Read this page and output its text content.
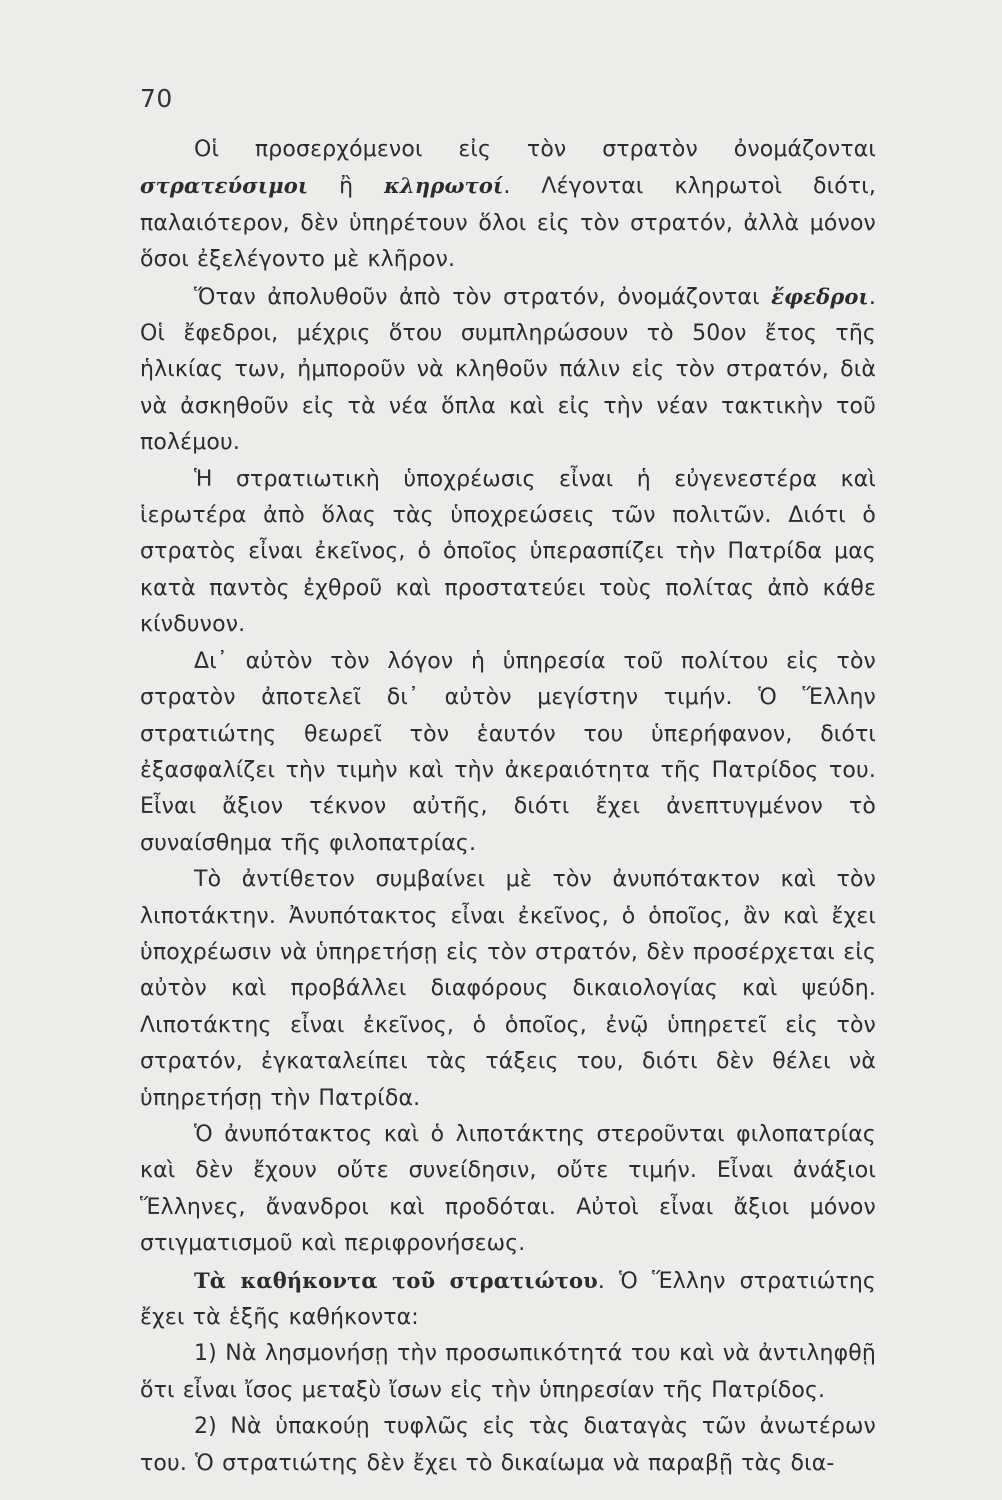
70

Οἱ προσερχόμενοι εἰς τὸν στρατὸν ὀνομάζονται στρατεύσιμοι ἢ κληρωτοί. Λέγονται κληρωτοὶ διότι, παλαιότερον, δὲν ὑπηρέτουν ὅλοι εἰς τὸν στρατόν, ἀλλὰ μόνον ὅσοι ἐξελέγοντο μὲ κλῆρον.

Ὅταν ἀπολυθοῦν ἀπὸ τὸν στρατόν, ὀνομάζονται ἔφεδροι. Οἱ ἔφεδροι, μέχρις ὅτου συμπληρώσουν τὸ 50ον ἔτος τῆς ἡλικίας των, ἠμποροῦν νὰ κληθοῦν πάλιν εἰς τὸν στρατόν, διὰ νὰ ἀσκηθοῦν εἰς τὰ νέα ὅπλα καὶ εἰς τὴν νέαν τακτικὴν τοῦ πολέμου.

Ἡ στρατιωτικὴ ὑποχρέωσις εἶναι ἡ εὐγενεστέρα καὶ ἱερωτέρα ἀπὸ ὅλας τὰς ὑποχρεώσεις τῶν πολιτῶν. Διότι ὁ στρατὸς εἶναι ἐκεῖνος, ὁ ὁποῖος ὑπερασπίζει τὴν Πατρίδα μας κατὰ παντὸς ἐχθροῦ καὶ προστατεύει τοὺς πολίτας ἀπὸ κάθε κίνδυνον.

Δι᾽ αὐτὸν τὸν λόγον ἡ ὑπηρεσία τοῦ πολίτου εἰς τὸν στρατὸν ἀποτελεῖ δι᾽ αὐτὸν μεγίστην τιμήν. Ὁ Ἕλλην στρατιώτης θεωρεῖ τὸν ἑαυτόν του ὑπερήφανον, διότι ἐξασφαλίζει τὴν τιμὴν καὶ τὴν ἀκεραιότητα τῆς Πατρίδος του. Εἶναι ἄξιον τέκνον αὐτῆς, διότι ἔχει ἀνεπτυγμένον τὸ συναίσθημα τῆς φιλοπατρίας.

Τὸ ἀντίθετον συμβαίνει μὲ τὸν ἀνυπότακτον καὶ τὸν λιποτάκτην. Ἀνυπότακτος εἶναι ἐκεῖνος, ὁ ὁποῖος, ἂν καὶ ἔχει ὑποχρέωσιν νὰ ὑπηρετήσῃ εἰς τὸν στρατόν, δὲν προσέρχεται εἰς αὐτὸν καὶ προβάλλει διαφόρους δικαιολογίας καὶ ψεύδη. Λιποτάκτης εἶναι ἐκεῖνος, ὁ ὁποῖος, ἐνῷ ὑπηρετεῖ εἰς τὸν στρατόν, ἐγκαταλείπει τὰς τάξεις του, διότι δὲν θέλει νὰ ὑπηρετήσῃ τὴν Πατρίδα.

Ὁ ἀνυπότακτος καὶ ὁ λιποτάκτης στεροῦνται φιλοπατρίας καὶ δὲν ἔχουν οὔτε συνείδησιν, οὔτε τιμήν. Εἶναι ἀνάξιοι Ἕλληνες, ἄνανδροι καὶ προδόται. Αὐτοὶ εἶναι ἄξιοι μόνον στιγματισμοῦ καὶ περιφρονήσεως.

Τὰ καθήκοντα τοῦ στρατιώτου. Ὁ Ἕλλην στρατιώτης ἔχει τὰ ἑξῆς καθήκοντα:

1) Νὰ λησμονήσῃ τὴν προσωπικότητά του καὶ νὰ ἀντιληφθῇ ὅτι εἶναι ἴσος μεταξὺ ἴσων εἰς τὴν ὑπηρεσίαν τῆς Πατρίδος.

2) Νὰ ὑπακούῃ τυφλῶς εἰς τὰς διαταγὰς τῶν ἀνωτέρων του. Ὁ στρατιώτης δὲν ἔχει τὸ δικαίωμα νὰ παραβῇ τὰς δια-
